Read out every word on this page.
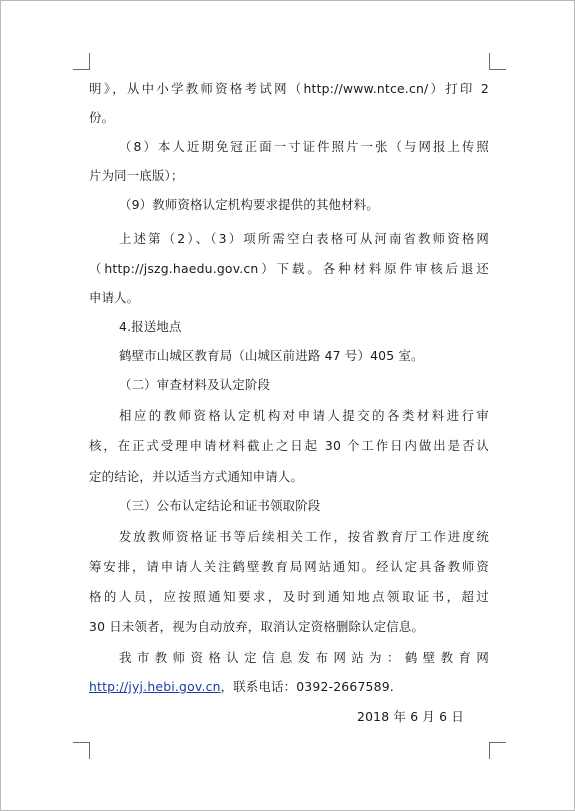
明》，从中小学教师资格考试网（http://www.ntce.cn/）打印 2
份。
（8）本人近期免冠正面一寸证件照片一张（与网报上传照
片为同一底版）；
（9）教师资格认定机构要求提供的其他材料。
上述第（2）、（3）项所需空白表格可从河南省教师资格网
（http://jszg.haedu.gov.cn）下载。各种材料原件审核后退还
申请人。
4.报送地点
鹤壁市山城区教育局（山城区前进路 47 号）405 室。
（二）审查材料及认定阶段
相应的教师资格认定机构对申请人提交的各类材料进行审
核，在正式受理申请材料截止之日起 30 个工作日内做出是否认
定的结论，并以适当方式通知申请人。
（三）公布认定结论和证书领取阶段
发放教师资格证书等后续相关工作，按省教育厅工作进度统
筹安排，请申请人关注鹤壁教育局网站通知。经认定具备教师资
格的人员，应按照通知要求，及时到通知地点领取证书，超过
30 日未领者，视为自动放弃，取消认定资格删除认定信息。
我市教师资格认定信息发布网站为：鹤壁教育网
http://jyj.hebi.gov.cn，联系电话：0392-2667589.
2018 年 6 月 6 日
